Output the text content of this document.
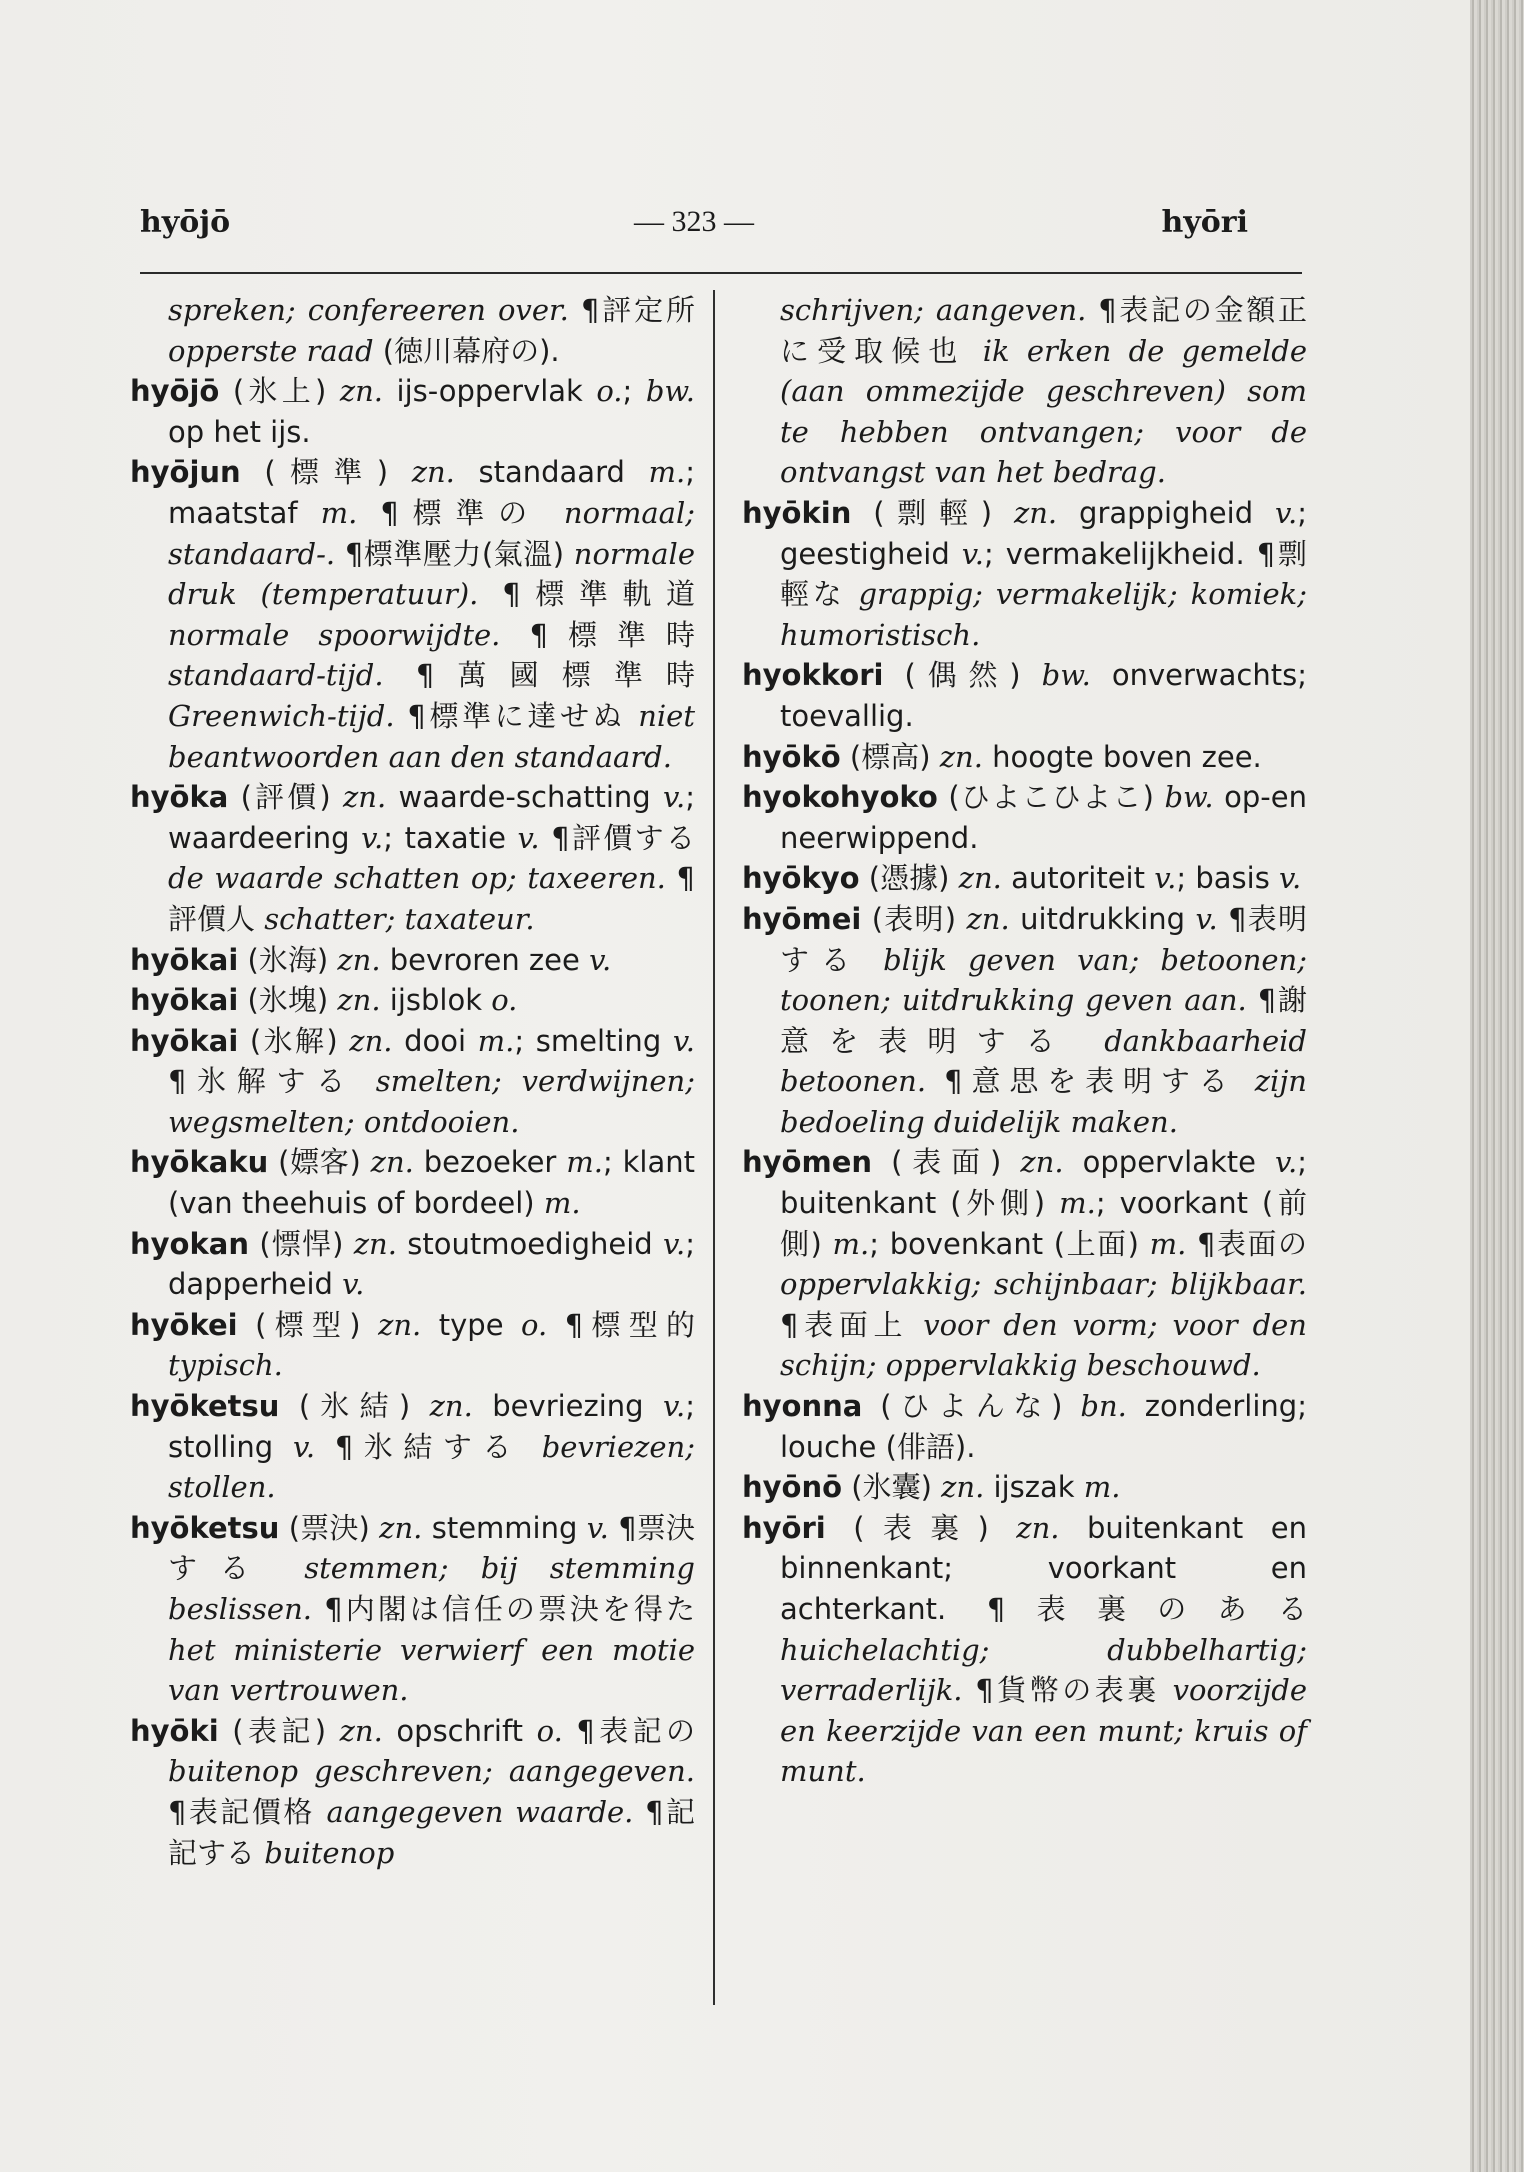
hyōjō	— 323 —	hyōri

spreken; confereeren over. ¶評定所 opperste raad (徳川幕府の).

hyōjō (氷上) zn. ijs-oppervlak o.; bw. op het ijs.

hyōjun (標準) zn. standaard m.; maatstaf m. ¶標準の normaal; standaard-. ¶標準壓力(氣溫) normale druk (temperatuur). ¶標準軌道 normale spoorwijdte. ¶標準時 standaard-tijd. ¶萬國標準時 Greenwich-tijd. ¶標準に達せぬ niet beantwoorden aan den standaard.

hyōka (評價) zn. waarde-schatting v.; waardeering v.; taxatie v. ¶評價する de waarde schatten op; taxeeren. ¶評價人 schatter; taxateur.

hyōkai (氷海) zn. bevroren zee v.

hyōkai (氷塊) zn. ijsblok o.

hyōkai (氷解) zn. dooi m.; smelting v. ¶氷解する smelten; verdwijnen; wegsmelten; ontdooien.

hyōkaku (嫖客) zn. bezoeker m.; klant (van theehuis of bordeel) m.

hyokan (慓悍) zn. stoutmoedigheid v.; dapperheid v.

hyōkei (標型) zn. type o. ¶標型的 typisch.

hyōketsu (氷結) zn. bevriezing v.; stolling v. ¶氷結する bevriezen; stollen.

hyōketsu (票決) zn. stemming v. ¶票決する stemmen; bij stemming beslissen. ¶内閣は信任の票決を得た het ministerie verwierf een motie van vertrouwen.

hyōki (表記) zn. opschrift o. ¶表記の buitenop geschreven; aangegeven. ¶表記價格 aangegeven waarde. ¶記記する buitenop

schrijven; aangeven. ¶表記の金額正に受取候也 ik erken de gemelde (aan ommezijde geschreven) som te hebben ontvangen; voor de ontvangst van het bedrag.

hyōkin (剽輕) zn. grappigheid v.; geestigheid v.; vermakelijkheid. ¶剽輕な grappig; vermakelijk; komiek; humoristisch.

hyokkori (偶然) bw. onverwachts; toevallig.

hyōkō (標高) zn. hoogte boven zee.

hyokohyoko (ひよこひよこ) bw. op-en neerwippend.

hyōkyo (憑據) zn. autoriteit v.; basis v.

hyōmei (表明) zn. uitdrukking v. ¶表明する blijk geven van; betoonen; toonen; uitdrukking geven aan. ¶謝意を表明する dankbaarheid betoonen. ¶意思を表明する zijn bedoeling duidelijk maken.

hyōmen (表面) zn. oppervlakte v.; buitenkant (外側) m.; voorkant (前側) m.; bovenkant (上面) m. ¶表面の oppervlakkig; schijnbaar; blijkbaar. ¶表面上 voor den vorm; voor den schijn; oppervlakkig beschouwd.

hyonna (ひよんな) bn. zonderling; louche (俳語).

hyōnō (氷囊) zn. ijszak m.

hyōri (表裏) zn. buitenkant en binnenkant; voorkant en achterkant. ¶表裏のある huichelachtig; dubbelhartig; verraderlijk. ¶貨幣の表裏 voorzijde en keerzijde van een munt; kruis of munt.
